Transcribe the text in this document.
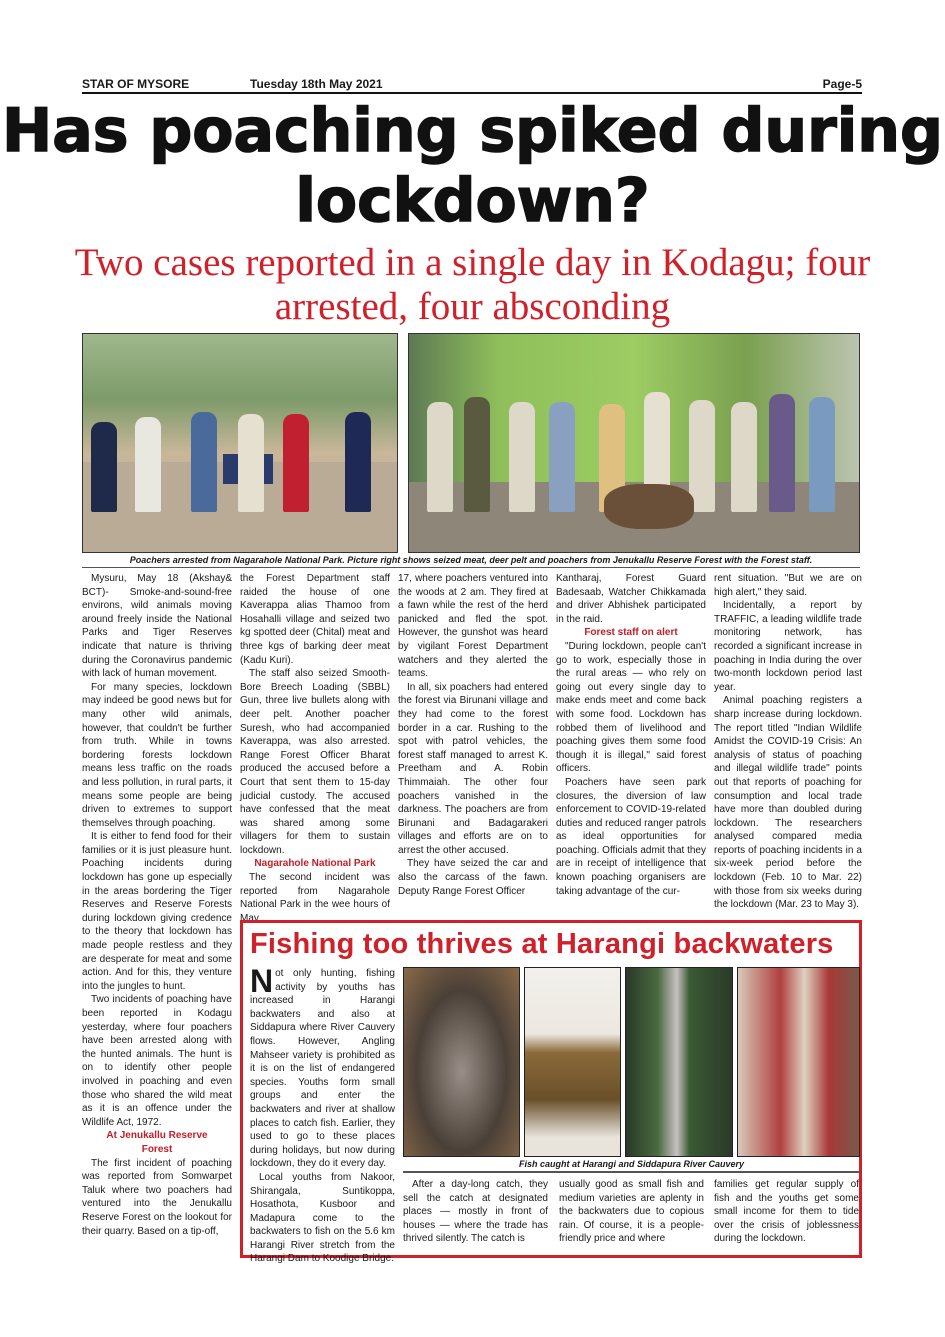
STAR OF MYSORE	Tuesday 18th May 2021	Page-5
Has poaching spiked during lockdown?
Two cases reported in a single day in Kodagu; four arrested, four absconding
Poachers arrested from Nagarahole National Park. Picture right shows seized meat, deer pelt and poachers from Jenukallu Reserve Forest with the Forest staff.

Mysuru, May 18 (Akshay& BCT)- Smoke-and-sound-free environs, wild animals moving around freely inside the National Parks and Tiger Reserves indicate that nature is thriving during the Coronavirus pandemic with lack of human movement.

For many species, lockdown may indeed be good news but for many other wild animals, however, that couldn't be further from truth. While in towns bordering forests lockdown means less traffic on the roads and less pollution, in rural parts, it means some people are being driven to extremes to support themselves through poaching.

It is either to fend food for their families or it is just pleasure hunt. Poaching incidents during lockdown has gone up especially in the areas bordering the Tiger Reserves and Reserve Forests during lockdown giving credence to the theory that lockdown has made people restless and they are desperate for meat and some action. And for this, they venture into the jungles to hunt.

Two incidents of poaching have been reported in Kodagu yesterday, where four poachers have been arrested along with the hunted animals. The hunt is on to identify other people involved in poaching and even those who shared the wild meat as it is an offence under the Wildlife Act, 1972.

At Jenukallu Reserve Forest

The first incident of poaching was reported from Somwarpet Taluk where two poachers had ventured into the Jenukallu Reserve Forest on the lookout for their quarry. Based on a tip-off,

the Forest Department staff raided the house of one Kaverappa alias Thamoo from Hosahalli village and seized two kg spotted deer (Chital) meat and three kgs of barking deer meat (Kadu Kuri).

The staff also seized Smooth-Bore Breech Loading (SBBL) Gun, three live bullets along with deer pelt. Another poacher Suresh, who had accompanied Kaverappa, was also arrested. Range Forest Officer Bharat produced the accused before a Court that sent them to 15-day judicial custody. The accused have confessed that the meat was shared among some villagers for them to sustain lockdown.

Nagarahole National Park

The second incident was reported from Nagarahole National Park in the wee hours of May

17, where poachers ventured into the woods at 2 am. They fired at a fawn while the rest of the herd panicked and fled the spot. However, the gunshot was heard by vigilant Forest Department watchers and they alerted the teams.

In all, six poachers had entered the forest via Birunani village and they had come to the forest border in a car. Rushing to the spot with patrol vehicles, the forest staff managed to arrest K. Preetham and A. Robin Thimmaiah. The other four poachers vanished in the darkness. The poachers are from Birunani and Badagarakeri villages and efforts are on to arrest the other accused.

They have seized the car and also the carcass of the fawn. Deputy Range Forest Officer

Kantharaj, Forest Guard Badesaab, Watcher Chikkamada and driver Abhishek participated in the raid.

Forest staff on alert

"During lockdown, people can't go to work, especially those in the rural areas — who rely on going out every single day to make ends meet and come back with some food. Lockdown has robbed them of livelihood and poaching gives them some food though it is illegal," said forest officers.

Poachers have seen park closures, the diversion of law enforcement to COVID-19-related duties and reduced ranger patrols as ideal opportunities for poaching. Officials admit that they are in receipt of intelligence that known poaching organisers are taking advantage of the cur-

rent situation. "But we are on high alert," they said.

Incidentally, a report by TRAFFIC, a leading wildlife trade monitoring network, has recorded a significant increase in poaching in India during the over two-month lockdown period last year.

Animal poaching registers a sharp increase during lockdown. The report titled "Indian Wildlife Amidst the COVID-19 Crisis: An analysis of status of poaching and illegal wildlife trade" points out that reports of poaching for consumption and local trade have more than doubled during lockdown. The researchers analysed compared media reports of poaching incidents in a six-week period before the lockdown (Feb. 10 to Mar. 22) with those from six weeks during the lockdown (Mar. 23 to May 3).

Fishing too thrives at Harangi backwaters

Not only hunting, fishing activity by youths has increased in Harangi backwaters and also at Siddapura where River Cauvery flows. However, Angling Mahseer variety is prohibited as it is on the list of endangered species. Youths form small groups and enter the backwaters and river at shallow places to catch fish. Earlier, they used to go to these places during holidays, but now during lockdown, they do it every day.

Local youths from Nakoor, Shirangala, Suntikoppa, Hosathota, Kusboor and Madapura come to the backwaters to fish on the 5.6 km Harangi River stretch from the Harangi Dam to Koodige Bridge.

Fish caught at Harangi and Siddapura River Cauvery

After a day-long catch, they sell the catch at designated places — mostly in front of houses — where the trade has thrived silently. The catch is

usually good as small fish and medium varieties are aplenty in the backwaters due to copious rain. Of course, it is a people-friendly price and where

families get regular supply of fish and the youths get some small income for them to tide over the crisis of joblessness during the lockdown.
